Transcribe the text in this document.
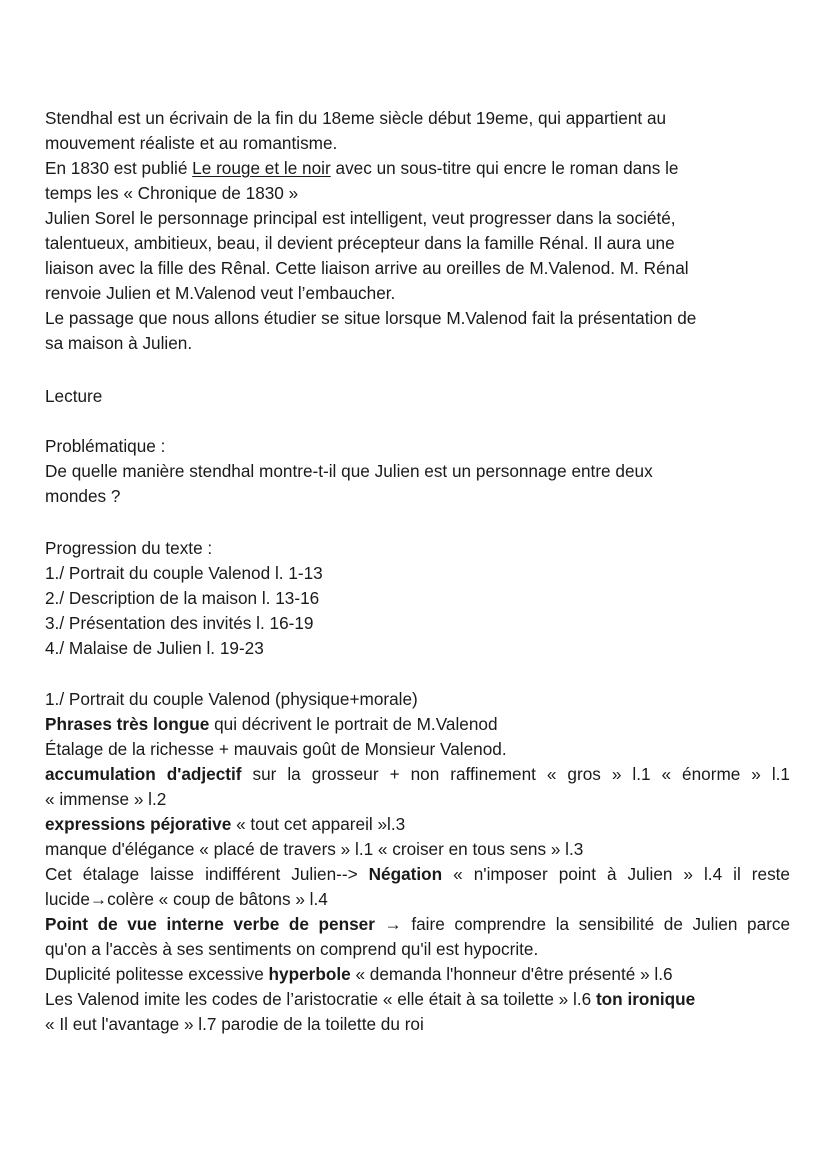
Stendhal est un écrivain de la fin du 18eme siècle début 19eme, qui appartient au
mouvement réaliste et au romantisme.
En 1830 est publié Le rouge et le noir avec un sous-titre qui encre le roman dans le
temps les « Chronique de 1830 »
Julien Sorel le personnage principal est intelligent, veut progresser dans la société,
talentueux, ambitieux, beau, il devient précepteur dans la famille Rénal. Il aura une
liaison avec la fille des Rênal. Cette liaison arrive au oreilles de M.Valenod. M. Rénal
renvoie Julien et M.Valenod veut l’embaucher.
Le passage que nous allons étudier se situe lorsque M.Valenod fait la présentation de
sa maison à Julien.
Lecture
Problématique :
De quelle manière stendhal montre-t-il que Julien est un personnage entre deux
mondes ?
Progression du texte :
1./ Portrait du couple Valenod l. 1-13
2./ Description de la maison l. 13-16
3./ Présentation des invités l. 16-19
4./ Malaise de Julien l. 19-23
1./ Portrait du couple Valenod (physique+morale)
Phrases très longue qui décrivent le portrait de M.Valenod
Étalage de la richesse + mauvais goût de Monsieur Valenod.
accumulation d'adjectif sur la grosseur + non raffinement « gros » l.1 « énorme » l.1
« immense » l.2
expressions péjorative « tout cet appareil »l.3
manque d'élégance « placé de travers » l.1 « croiser en tous sens » l.3
Cet étalage laisse indifférent Julien--> Négation « n'imposer point à Julien » l.4 il reste
lucide→colère « coup de bâtons » l.4
Point de vue interne verbe de penser → faire comprendre la sensibilité de Julien parce
qu'on a l'accès à ses sentiments on comprend qu'il est hypocrite.
Duplicité politesse excessive hyperbole « demanda l'honneur d'être présenté » l.6
Les Valenod imite les codes de l’aristocratie « elle était à sa toilette » l.6 ton ironique
« Il eut l'avantage » l.7 parodie de la toilette du roi
